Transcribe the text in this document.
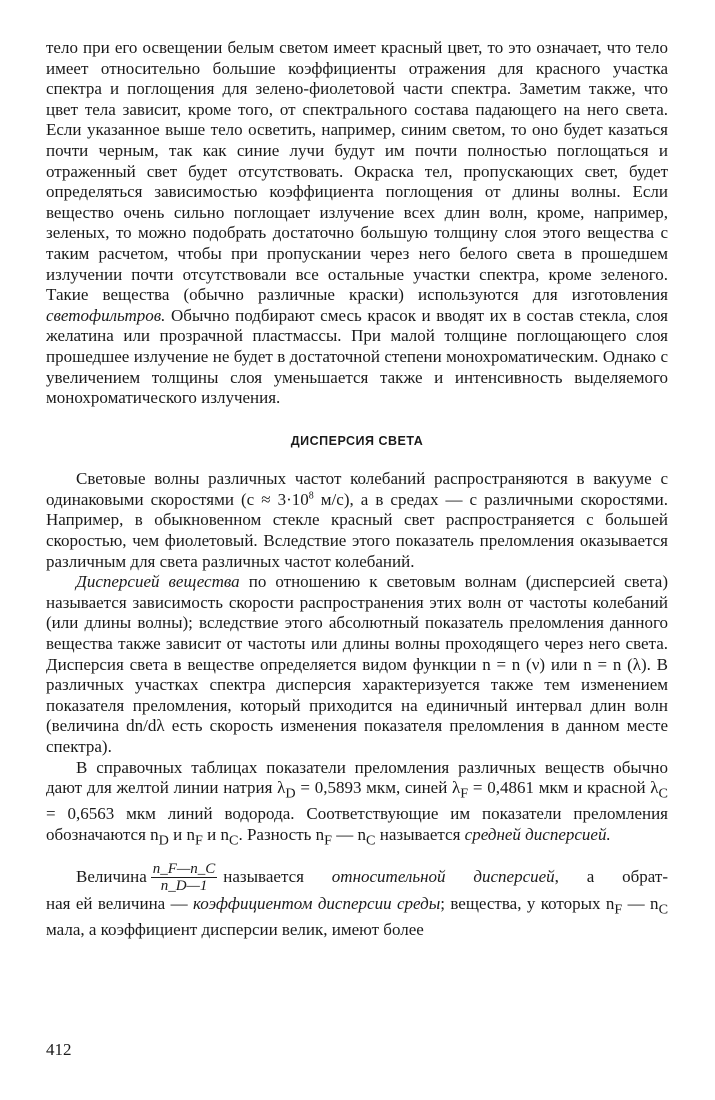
тело при его освещении белым светом имеет красный цвет, то это означает, что тело имеет относительно большие коэффициенты отражения для красного участка спектра и поглощения для зелено-фиолетовой части спектра. Заметим также, что цвет тела зависит, кроме того, от спектрального состава падающего на него света. Если указанное выше тело осветить, например, синим светом, то оно будет казаться почти черным, так как синие лучи будут им почти полностью поглощаться и отраженный свет будет отсутствовать. Окраска тел, пропускающих свет, будет определяться зависимостью коэффициента поглощения от длины волны. Если вещество очень сильно поглощает излучение всех длин волн, кроме, например, зеленых, то можно подобрать достаточно большую толщину слоя этого вещества с таким расчетом, чтобы при пропускании через него белого света в прошедшем излучении почти отсутствовали все остальные участки спектра, кроме зеленого. Такие вещества (обычно различные краски) используются для изготовления светофильтров. Обычно подбирают смесь красок и вводят их в состав стекла, слоя желатина или прозрачной пластмассы. При малой толщине поглощающего слоя прошедшее излучение не будет в достаточной степени монохроматическим. Однако с увеличением толщины слоя уменьшается также и интенсивность выделяемого монохроматического излучения.

ДИСПЕРСИЯ СВЕТА

Световые волны различных частот колебаний распространяются в вакууме с одинаковыми скоростями ($c \approx 3\cdot 10^8$ м/с), а в средах — с различными скоростями. Например, в обыкновенном стекле красный свет распространяется с большей скоростью, чем фиолетовый. Вследствие этого показатель преломления оказывается различным для света различных частот колебаний.

Дисперсией вещества по отношению к световым волнам (дисперсией света) называется зависимость скорости распространения этих волн от частоты колебаний (или длины волны); вследствие этого абсолютный показатель преломления данного вещества также зависит от частоты или длины волны проходящего через него света. Дисперсия света в веществе определяется видом функции n = n (ν) или n = n (λ). В различных участках спектра дисперсия характеризуется также тем изменением показателя преломления, который приходится на единичный интервал длин волн (величина dn/dλ есть скорость изменения показателя преломления в данном месте спектра).

В справочных таблицах показатели преломления различных веществ обычно дают для желтой линии натрия $\lambda_D = 0,5893$ мкм, синей $\lambda_F = 0,4861$ мкм и красной $\lambda_C = 0,6563$ мкм линий водорода. Соответствующие им показатели преломления обозначаются $n_D$ и $n_F$ и $n_C$. Разность $n_F$ — $n_C$ называется средней дисперсией.

Величина $\frac{n\_F—n\_C}{n\_D—1}$ называется относительной дисперсией, а обрат-

ная ей величина — коэффициентом дисперсии среды; вещества, у которых $n_F$ — $n_C$ мала, а коэффициент дисперсии велик, имеют более

412
